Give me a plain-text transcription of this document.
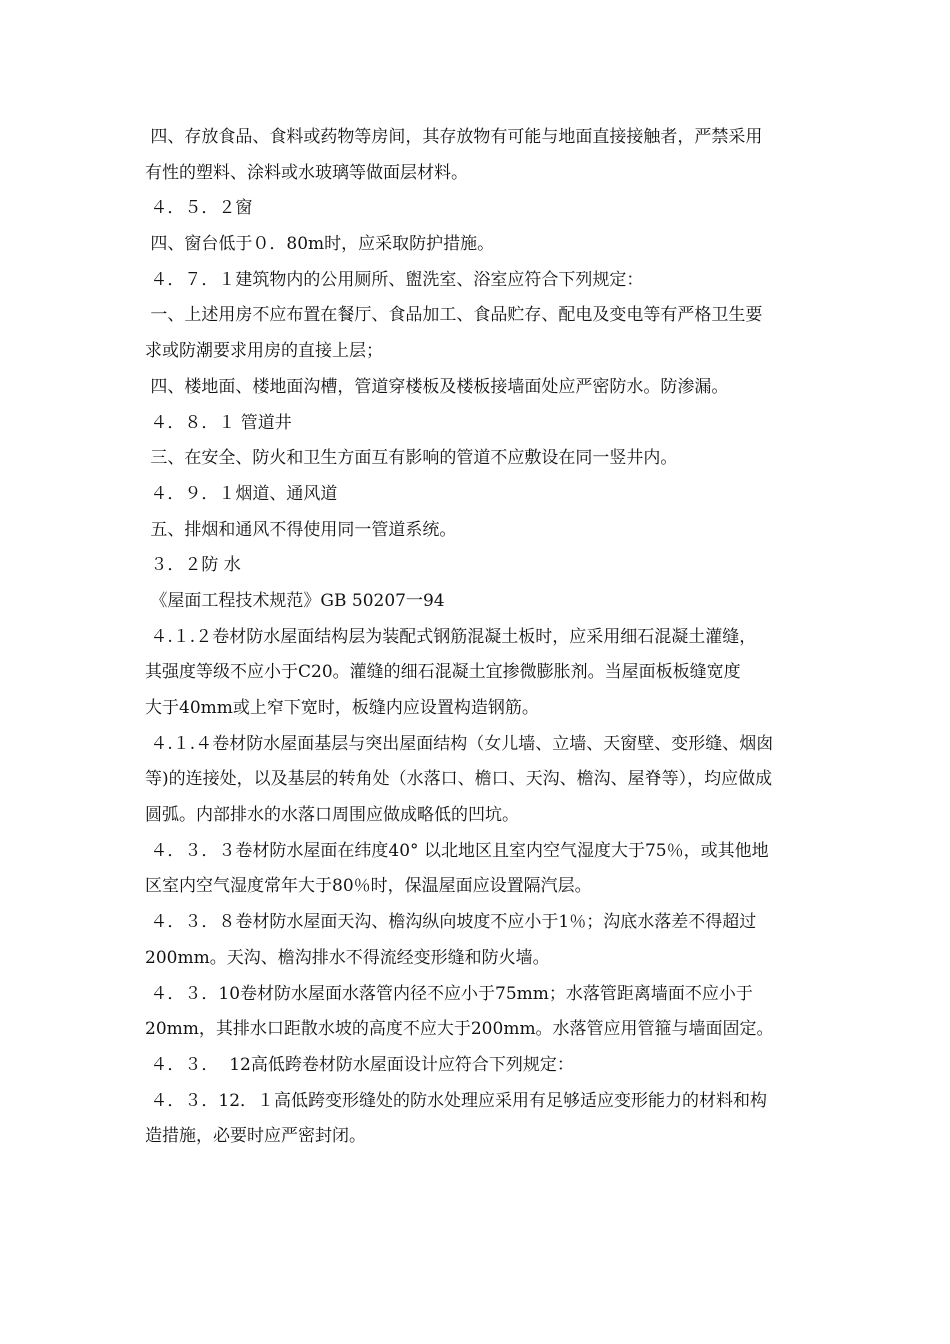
四、存放食品、食料或药物等房间，其存放物有可能与地面直接接触者，严禁采用
有性的塑料、涂料或水玻璃等做面层材料。
４．５．２窗
四、窗台低于０．80m时，应采取防护措施。
４．７．１建筑物内的公用厕所、盥洗室、浴室应符合下列规定：
一、上述用房不应布置在餐厅、食品加工、食品贮存、配电及变电等有严格卫生要
求或防潮要求用房的直接上层；
四、楼地面、楼地面沟槽，管道穿楼板及楼板接墙面处应严密防水。防渗漏。
４．８．１ 管道井
三、在安全、防火和卫生方面互有影响的管道不应敷设在同一竖井内。
４．９．１烟道、通风道
五、排烟和通风不得使用同一管道系统。
３．２防 水
《屋面工程技术规范》GB 50207一94
４.１.２卷材防水屋面结构层为装配式钢筋混凝土板时，应采用细石混凝土灌缝，
其强度等级不应小于C20。灌缝的细石混凝土宜掺微膨胀剂。当屋面板板缝宽度
大于40mm或上窄下宽时，板缝内应设置构造钢筋。
４.１.４卷材防水屋面基层与突出屋面结构（女儿墙、立墙、天窗壁、变形缝、烟囱
等)的连接处，以及基层的转角处（水落口、檐口、天沟、檐沟、屋脊等），均应做成
圆弧。内部排水的水落口周围应做成略低的凹坑。
４．３．３卷材防水屋面在纬度40° 以北地区且室内空气湿度大于75％，或其他地
区室内空气湿度常年大于80％时，保温屋面应设置隔汽层。
４．３．８卷材防水屋面天沟、檐沟纵向坡度不应小于1％；沟底水落差不得超过
200mm。天沟、檐沟排水不得流经变形缝和防火墙。
４．３．10卷材防水屋面水落管内径不应小于75mm；水落管距离墙面不应小于
20mm，其排水口距散水坡的高度不应大于200mm。水落管应用管箍与墙面固定。
４．３．  12高低跨卷材防水屋面设计应符合下列规定：
４．３．12．１高低跨变形缝处的防水处理应采用有足够适应变形能力的材料和构
造措施，必要时应严密封闭。
